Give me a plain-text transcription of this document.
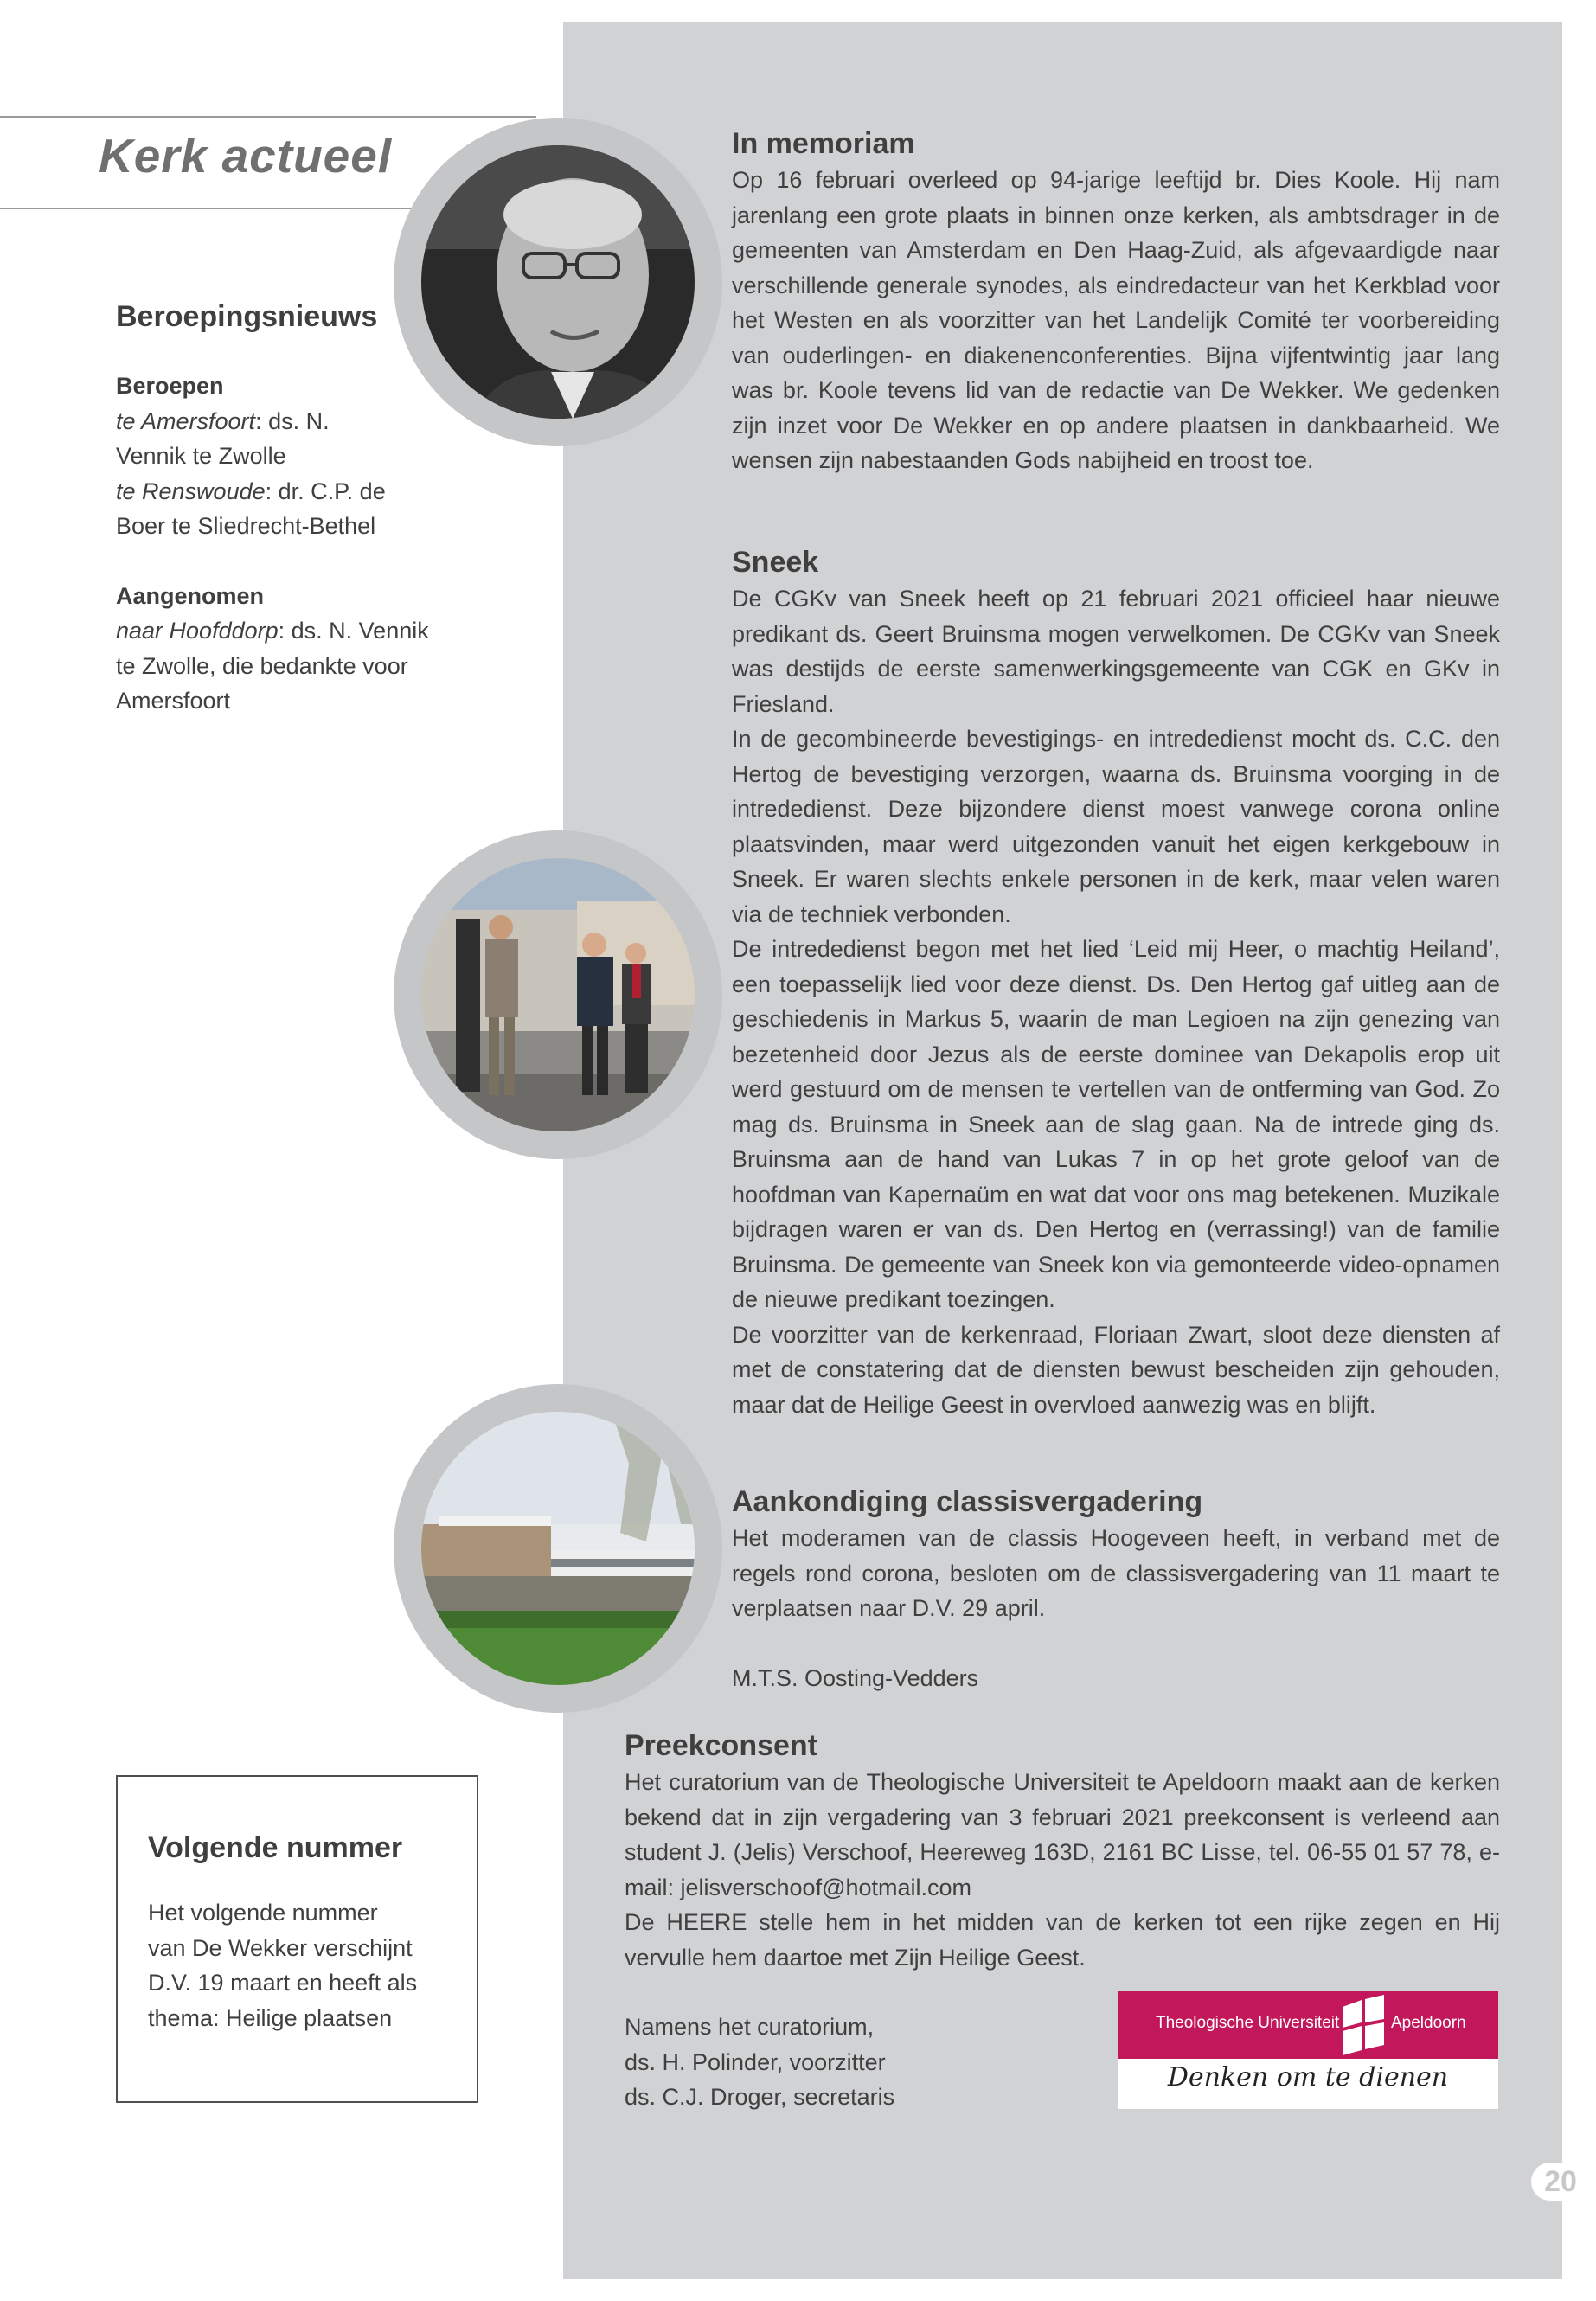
Kerk actueel
Beroepingsnieuws

Beroepen

te Amersfoort: ds. N.

Vennik te Zwolle

te Renswoude: dr. C.P. de

Boer te Sliedrecht-Bethel

Aangenomen

naar Hoofddorp: ds. N. Vennik

te Zwolle, die bedankte voor

Amersfoort

In memoriam

Op 16 februari overleed op 94-jarige leeftijd br. Dies Koole. Hij nam jarenlang een grote plaats in binnen onze kerken, als ambtsdrager in de gemeenten van Amsterdam en Den Haag-Zuid, als afgevaardigde naar verschillende generale synodes, als eindredacteur van het Kerkblad voor het Westen en als voorzitter van het Landelijk Comité ter voorbereiding van ouderlingen- en diakenenconferenties. Bijna vijfentwintig jaar lang was br. Koole tevens lid van de redactie van De Wekker. We gedenken zijn inzet voor De Wekker en op andere plaatsen in dankbaarheid. We wensen zijn nabestaanden Gods nabijheid en troost toe.

Sneek

De CGKv van Sneek heeft op 21 februari 2021 officieel haar nieuwe predikant ds. Geert Bruinsma mogen verwelkomen. De CGKv van Sneek was destijds de eerste samenwerkingsgemeente van CGK en GKv in Friesland.

In de gecombineerde bevestigings- en intrededienst mocht ds. C.C. den Hertog de bevestiging verzorgen, waarna ds. Bruinsma voorging in de intrededienst. Deze bijzondere dienst moest vanwege corona online plaatsvinden, maar werd uitgezonden vanuit het eigen kerkgebouw in Sneek. Er waren slechts enkele personen in de kerk, maar velen waren via de techniek verbonden.

De intrededienst begon met het lied ‘Leid mij Heer, o machtig Heiland’, een toepasselijk lied voor deze dienst. Ds. Den Hertog gaf uitleg aan de geschiedenis in Markus 5, waarin de man Legioen na zijn genezing van bezetenheid door Jezus als de eerste dominee van Dekapolis erop uit werd gestuurd om de mensen te vertellen van de ontferming van God. Zo mag ds. Bruinsma in Sneek aan de slag gaan. Na de intrede ging ds. Bruinsma aan de hand van Lukas 7 in op het grote geloof van de hoofdman van Kapernaüm en wat dat voor ons mag betekenen. Muzikale bijdragen waren er van ds. Den Hertog en (verrassing!) van de familie Bruinsma. De gemeente van Sneek kon via gemonteerde video-opnamen de nieuwe predikant toezingen.

De voorzitter van de kerkenraad, Floriaan Zwart, sloot deze diensten af met de constatering dat de diensten bewust bescheiden zijn gehouden, maar dat de Heilige Geest in overvloed aanwezig was en blijft.

Aankondiging classisvergadering

Het moderamen van de classis Hoogeveen heeft, in verband met de regels rond corona, besloten om de classisvergadering van 11 maart te verplaatsen naar D.V. 29 april.

M.T.S. Oosting-Vedders

Preekconsent

Het curatorium van de Theologische Universiteit te Apeldoorn maakt aan de kerken bekend dat in zijn vergadering van 3 februari 2021 preekconsent is verleend aan student J. (Jelis) Verschoof, Heereweg 163D, 2161 BC Lisse, tel. 06-55 01 57 78, e-mail: jelisverschoof@hotmail.com

De HEERE stelle hem in het midden van de kerken tot een rijke zegen en Hij vervulle hem daartoe met Zijn Heilige Geest.

Namens het curatorium,

ds. H. Polinder, voorzitter

ds. C.J. Droger, secretaris

Volgende nummer

Het volgende nummer

van De Wekker verschijnt

D.V. 19 maart en heeft als

thema: Heilige plaatsen	Theologische Universiteit	Apeldoorn
Denken om te dienen
20
